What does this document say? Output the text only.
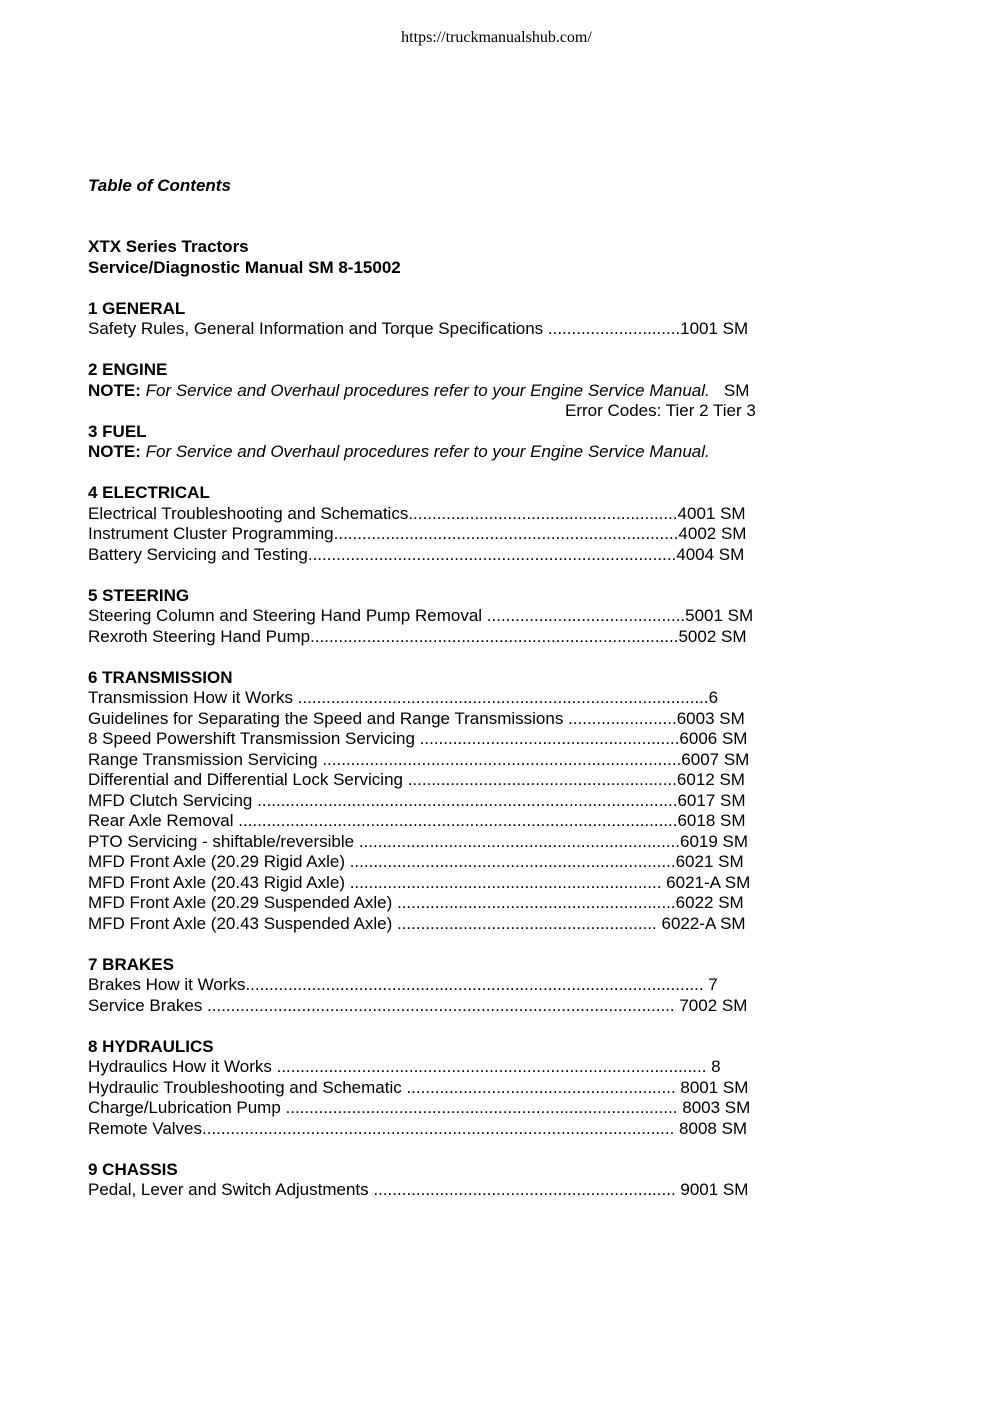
https://truckmanualshub.com/
Table of Contents
XTX Series Tractors
Service/Diagnostic Manual SM 8-15002
1 GENERAL
Safety Rules, General Information and Torque Specifications ............................1001 SM
2 ENGINE
NOTE: For Service and Overhaul procedures refer to your Engine Service Manual.   SM
Error Codes: Tier 2 Tier 3
3 FUEL
NOTE: For Service and Overhaul procedures refer to your Engine Service Manual.
4 ELECTRICAL
Electrical Troubleshooting and Schematics.........................................................4001 SM
Instrument Cluster Programming.........................................................................4002 SM
Battery Servicing and Testing..............................................................................4004 SM
5 STEERING
Steering Column and Steering Hand Pump Removal ..........................................5001 SM
Rexroth Steering Hand Pump..............................................................................5002 SM
6 TRANSMISSION
Transmission How it Works .......................................................................................6
Guidelines for Separating the Speed and Range Transmissions .......................6003 SM
8 Speed Powershift Transmission Servicing .......................................................6006 SM
Range Transmission Servicing ............................................................................6007 SM
Differential and Differential Lock Servicing .........................................................6012 SM
MFD Clutch Servicing .........................................................................................6017 SM
Rear Axle Removal .............................................................................................6018 SM
PTO Servicing - shiftable/reversible ....................................................................6019 SM
MFD Front Axle (20.29 Rigid Axle) .....................................................................6021 SM
MFD Front Axle (20.43 Rigid Axle) .................................................................. 6021-A SM
MFD Front Axle (20.29 Suspended Axle) ...........................................................6022 SM
MFD Front Axle (20.43 Suspended Axle) ....................................................... 6022-A SM
7 BRAKES
Brakes How it Works................................................................................................. 7
Service Brakes ................................................................................................... 7002 SM
8 HYDRAULICS
Hydraulics How it Works ........................................................................................... 8
Hydraulic Troubleshooting and Schematic ......................................................... 8001 SM
Charge/Lubrication Pump ................................................................................... 8003 SM
Remote Valves.................................................................................................... 8008 SM
9 CHASSIS
Pedal, Lever and Switch Adjustments ................................................................ 9001 SM
